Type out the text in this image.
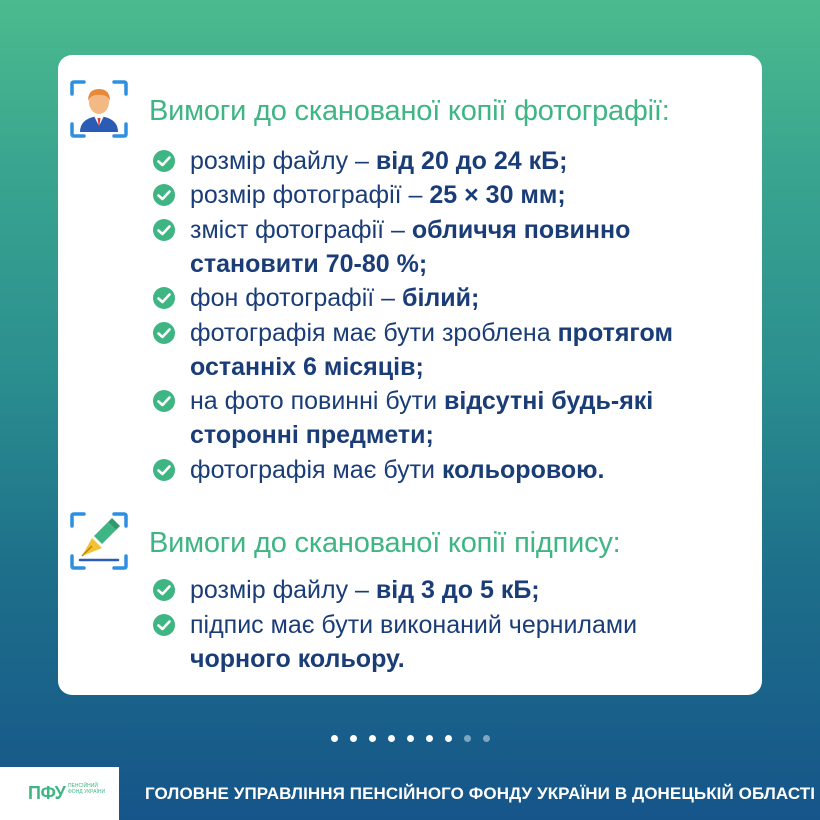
Вимоги до сканованої копії фотографії:
розмір файлу – від 20 до 24 кБ;
розмір фотографії – 25 × 30 мм;
зміст фотографії – обличчя повинно
становити 70-80 %;
фон фотографії – білий;
фотографія має бути зроблена протягом
останніх 6 місяців;
на фото повинні бути відсутні будь-які
сторонні предмети;
фотографія має бути кольоровою.
Вимоги до сканованої копії підпису:
розмір файлу – від 3 до 5 кБ;
підпис має бути виконаний чернилами
чорного кольору.
ПФУ ПЕНСІЙНИЙ ФОНД УКРАЇНИ ГОЛОВНЕ УПРАВЛІННЯ ПЕНСІЙНОГО ФОНДУ УКРАЇНИ В ДОНЕЦЬКІЙ ОБЛАСТІ
